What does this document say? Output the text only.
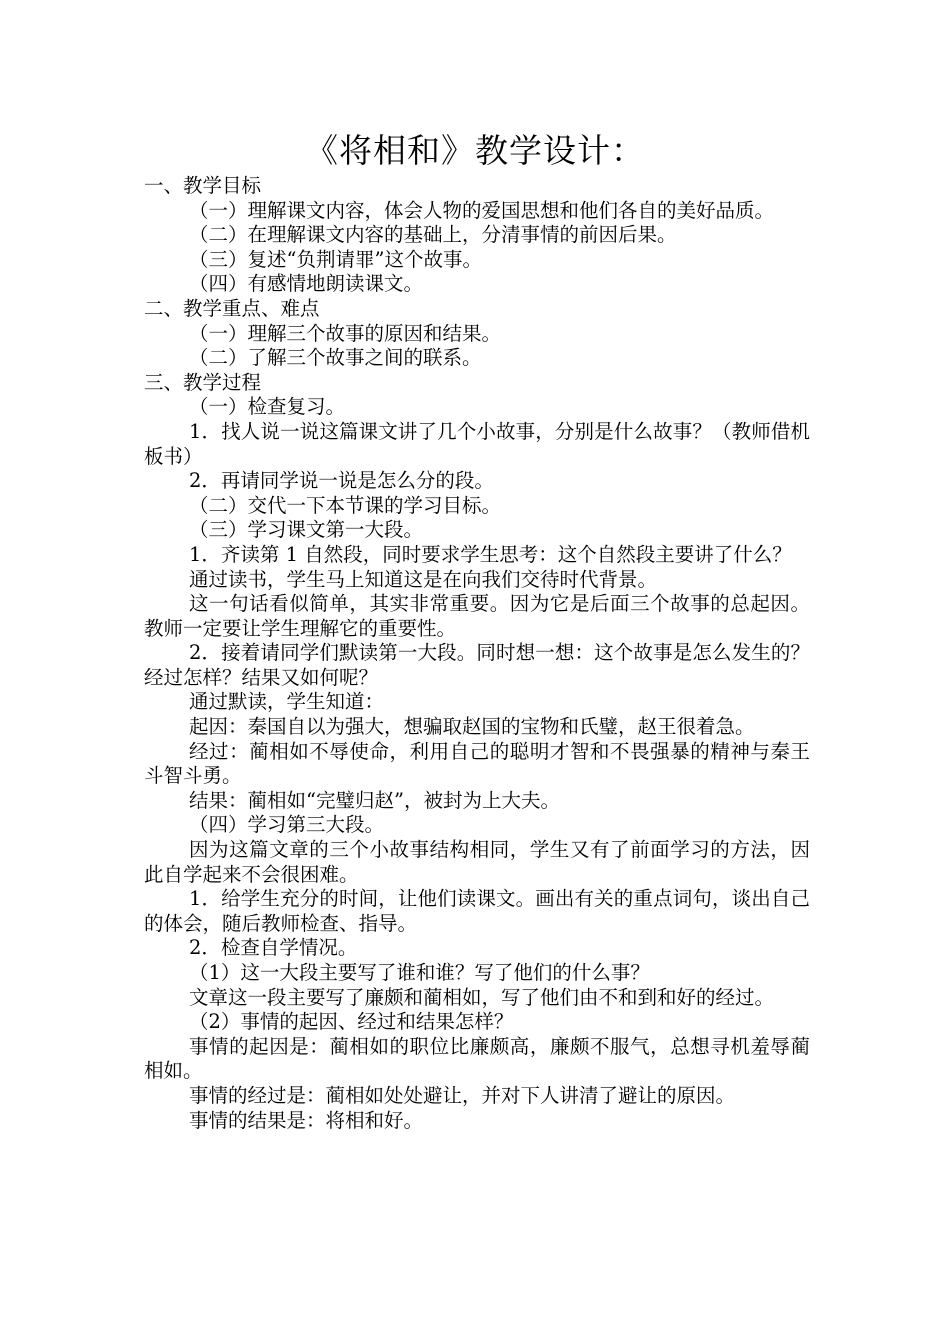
《将相和》教学设计：

一、教学目标

（一）理解课文内容，体会人物的爱国思想和他们各自的美好品质。

（二）在理解课文内容的基础上，分清事情的前因后果。

（三）复述“负荆请罪”这个故事。

（四）有感情地朗读课文。

二、教学重点、难点

（一）理解三个故事的原因和结果。

（二）了解三个故事之间的联系。

三、教学过程

（一）检查复习。

1．找人说一说这篇课文讲了几个小故事，分别是什么故事？（教师借机板书）

2．再请同学说一说是怎么分的段。

（二）交代一下本节课的学习目标。

（三）学习课文第一大段。

1．齐读第 1 自然段，同时要求学生思考：这个自然段主要讲了什么？

通过读书，学生马上知道这是在向我们交待时代背景。

这一句话看似简单，其实非常重要。因为它是后面三个故事的总起因。教师一定要让学生理解它的重要性。

2．接着请同学们默读第一大段。同时想一想：这个故事是怎么发生的？经过怎样？结果又如何呢？

通过默读，学生知道：

起因：秦国自以为强大，想骗取赵国的宝物和氏璧，赵王很着急。

经过：蔺相如不辱使命，利用自己的聪明才智和不畏强暴的精神与秦王斗智斗勇。

结果：蔺相如“完璧归赵”，被封为上大夫。

（四）学习第三大段。

因为这篇文章的三个小故事结构相同，学生又有了前面学习的方法，因此自学起来不会很困难。

1．给学生充分的时间，让他们读课文。画出有关的重点词句，谈出自己的体会，随后教师检查、指导。

2．检查自学情况。

（1）这一大段主要写了谁和谁？写了他们的什么事？

文章这一段主要写了廉颇和蔺相如，写了他们由不和到和好的经过。

（2）事情的起因、经过和结果怎样？

事情的起因是：蔺相如的职位比廉颇高，廉颇不服气，总想寻机羞辱蔺相如。

事情的经过是：蔺相如处处避让，并对下人讲清了避让的原因。

事情的结果是：将相和好。
